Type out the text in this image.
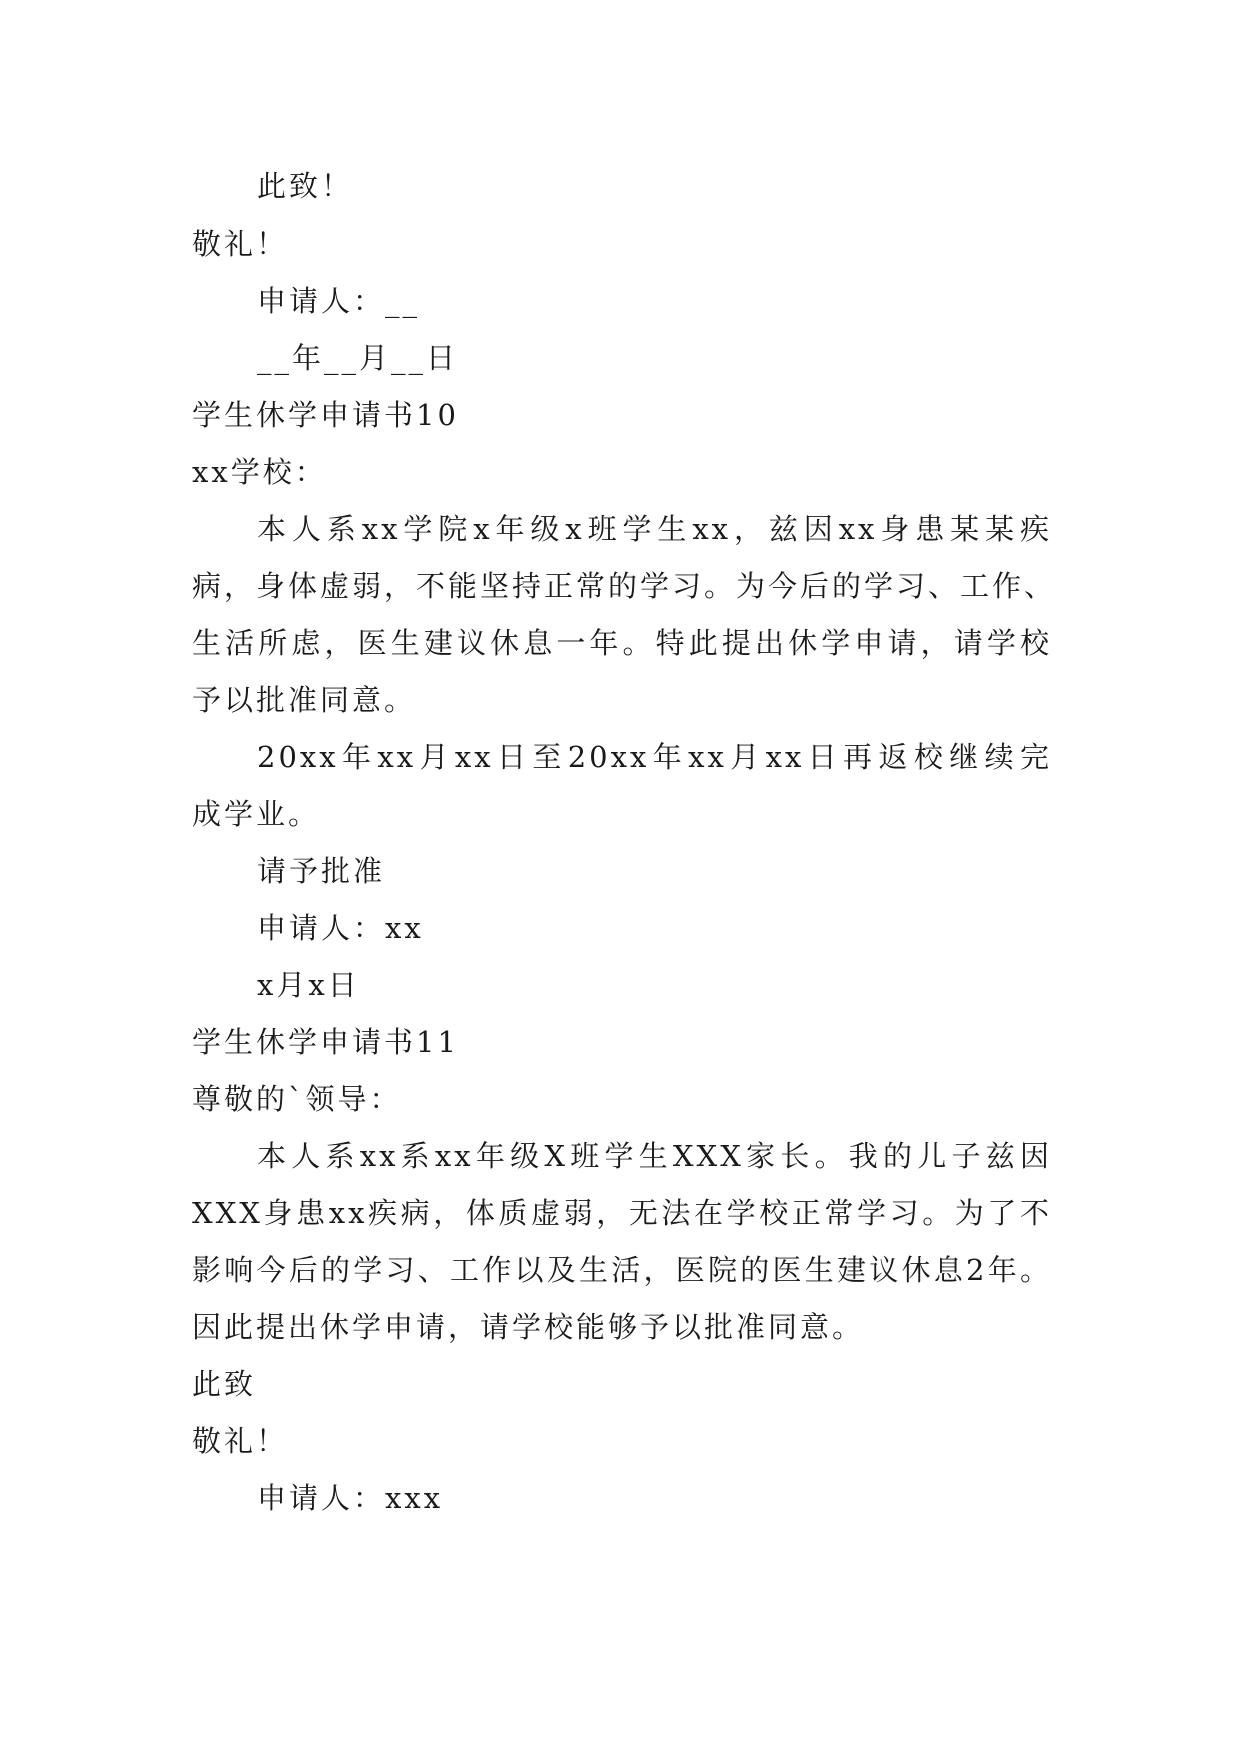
此致！
敬礼！
申请人：__
__年__月__日
学生休学申请书10
xx学校：
本人系xx学院x年级x班学生xx，兹因xx身患某某疾
病，身体虚弱，不能坚持正常的学习。为今后的学习、工作、
生活所虑，医生建议休息一年。特此提出休学申请，请学校
予以批准同意。
20xx年xx月xx日至20xx年xx月xx日再返校继续完
成学业。
请予批准
申请人：xx
x月x日
学生休学申请书11
尊敬的`领导：
本人系xx系xx年级X班学生XXX家长。我的儿子兹因
XXX身患xx疾病，体质虚弱，无法在学校正常学习。为了不
影响今后的学习、工作以及生活，医院的医生建议休息2年。
因此提出休学申请，请学校能够予以批准同意。
此致
敬礼！
申请人：xxx
